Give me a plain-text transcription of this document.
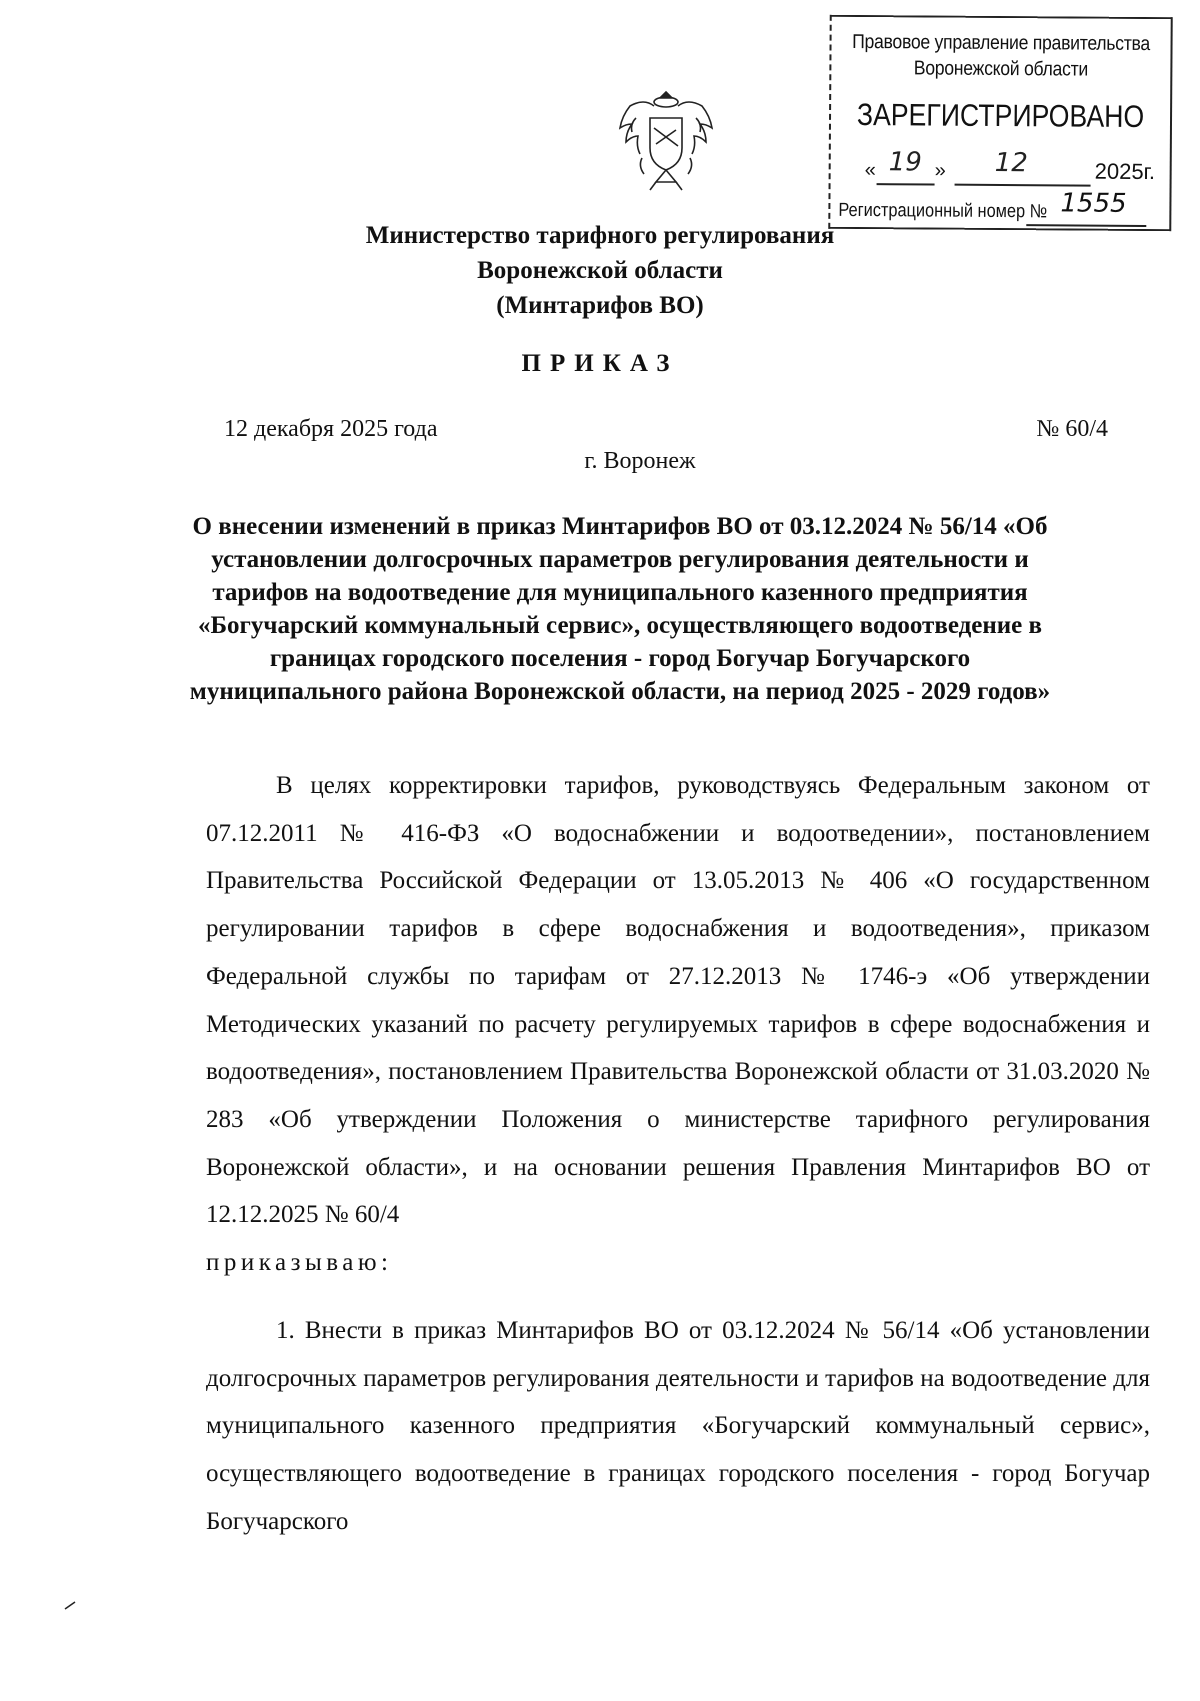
Правовое управление правительства
Воронежской области
ЗАРЕГИСТРИРОВАНО
« 19 » 12	2025г.
Регистрационный номер № 1555
Министерство тарифного регулирования
Воронежской области
(Минтарифов ВО)
ПРИКАЗ
12 декабря 2025 года	№ 60/4
г. Воронеж
О внесении изменений в приказ Минтарифов ВО от 03.12.2024 № 56/14 «Об установлении долгосрочных параметров регулирования деятельности и тарифов на водоотведение для муниципального казенного предприятия «Богучарский коммунальный сервис», осуществляющего водоотведение в границах городского поселения - город Богучар Богучарского муниципального района Воронежской области, на период 2025 - 2029 годов»

В целях корректировки тарифов, руководствуясь Федеральным законом от 07.12.2011 № 416-ФЗ «О водоснабжении и водоотведении», постановлением Правительства Российской Федерации от 13.05.2013 № 406 «О государственном регулировании тарифов в сфере водоснабжения и водоотведения», приказом Федеральной службы по тарифам от 27.12.2013 № 1746-э «Об утверждении Методических указаний по расчету регулируемых тарифов в сфере водоснабжения и водоотведения», постановлением Правительства Воронежской области от 31.03.2020 № 283 «Об утверждении Положения о министерстве тарифного регулирования Воронежской области», и на основании решения Правления Минтарифов ВО от 12.12.2025 № 60/4

приказываю:

1. Внести в приказ Минтарифов ВО от 03.12.2024 № 56/14 «Об установлении долгосрочных параметров регулирования деятельности и тарифов на водоотведение для муниципального казенного предприятия «Богучарский коммунальный сервис», осуществляющего водоотведение в границах городского поселения - город Богучар Богучарского
